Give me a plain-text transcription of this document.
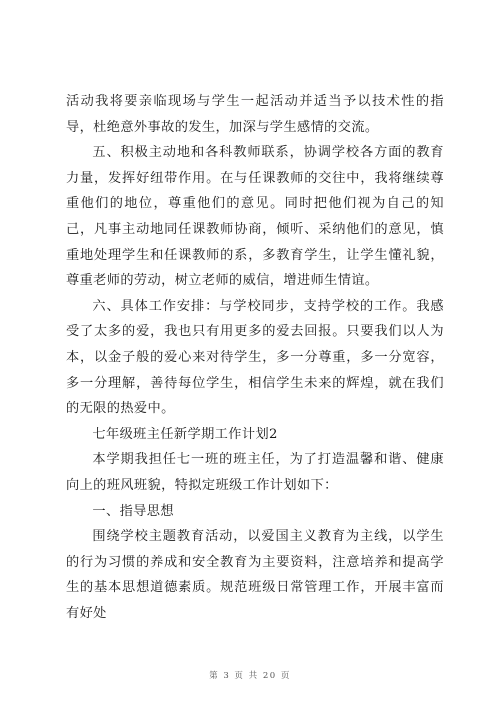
活动我将要亲临现场与学生一起活动并适当予以技术性的指导，杜绝意外事故的发生，加深与学生感情的交流。

五、积极主动地和各科教师联系，协调学校各方面的教育力量，发挥好纽带作用。在与任课教师的交往中，我将继续尊重他们的地位，尊重他们的意见。同时把他们视为自己的知己，凡事主动地同任课教师协商，倾听、采纳他们的意见，慎重地处理学生和任课教师的系，多教育学生，让学生懂礼貌，尊重老师的劳动，树立老师的威信，增进师生情谊。

六、具体工作安排：与学校同步，支持学校的工作。我感受了太多的爱，我也只有用更多的爱去回报。只要我们以人为本，以金子般的爱心来对待学生，多一分尊重，多一分宽容，多一分理解，善待每位学生，相信学生未来的辉煌，就在我们的无限的热爱中。

七年级班主任新学期工作计划2

本学期我担任七一班的班主任，为了打造温馨和谐、健康向上的班风班貌，特拟定班级工作计划如下：

一、指导思想

围绕学校主题教育活动，以爱国主义教育为主线，以学生的行为习惯的养成和安全教育为主要资料，注意培养和提高学生的基本思想道德素质。规范班级日常管理工作，开展丰富而有好处

第 3 页 共 20 页
